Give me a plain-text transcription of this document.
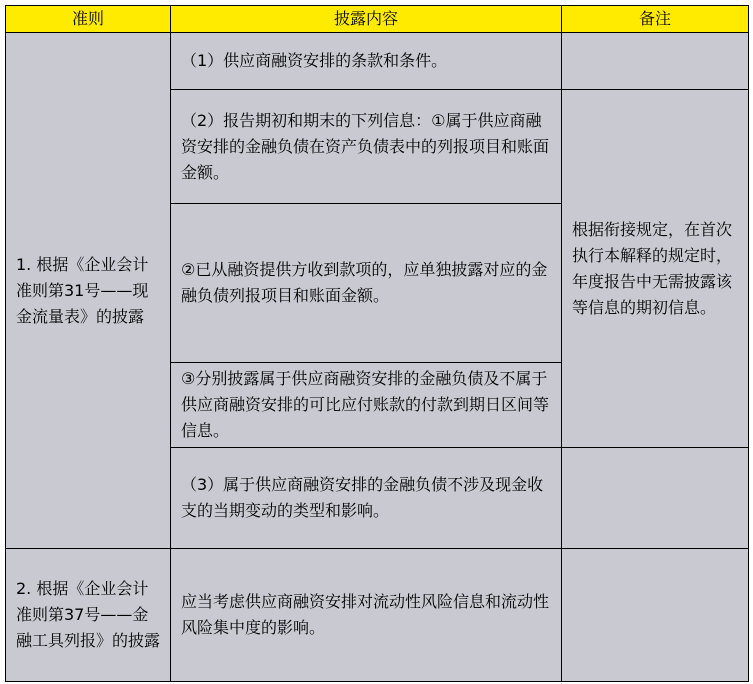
准则	披露内容	备注
1. 根据《企业会计准则第31号——现金流量表》的披露	（1）供应商融资安排的条款和条件。	
	（2）报告期初和期末的下列信息：①属于供应商融资安排的金融负债在资产负债表中的列报项目和账面金额。	根据衔接规定，在首次执行本解释的规定时，年度报告中无需披露该等信息的期初信息。
	②已从融资提供方收到款项的，应单独披露对应的金融负债列报项目和账面金额。	
	③分别披露属于供应商融资安排的金融负债及不属于供应商融资安排的可比应付账款的付款到期日区间等信息。	
	（3）属于供应商融资安排的金融负债不涉及现金收支的当期变动的类型和影响。	

2. 根据《企业会计准则第37号——金融工具列报》的披露	应当考虑供应商融资安排对流动性风险信息和流动性风险集中度的影响。	
